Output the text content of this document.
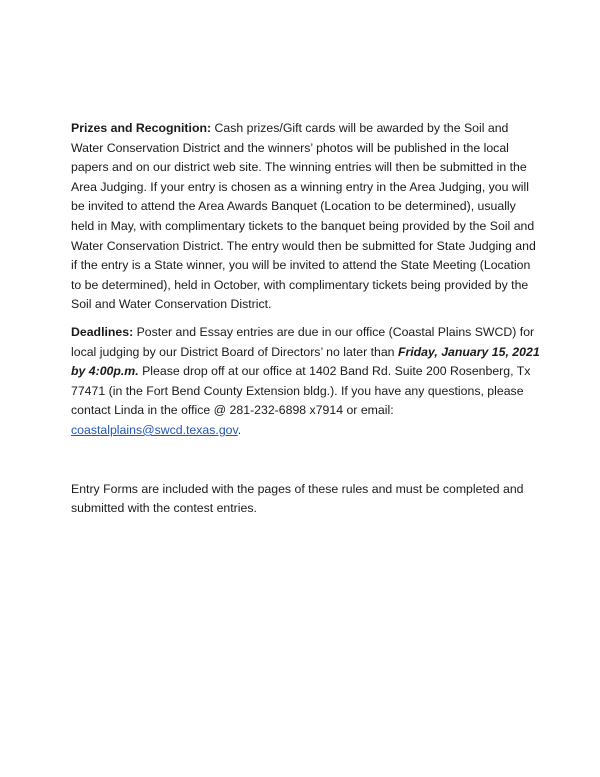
Prizes and Recognition: Cash prizes/Gift cards will be awarded by the Soil and Water Conservation District and the winners’ photos will be published in the local papers and on our district web site. The winning entries will then be submitted in the Area Judging. If your entry is chosen as a winning entry in the Area Judging, you will be invited to attend the Area Awards Banquet (Location to be determined), usually held in May, with complimentary tickets to the banquet being provided by the Soil and Water Conservation District. The entry would then be submitted for State Judging and if the entry is a State winner, you will be invited to attend the State Meeting (Location to be determined), held in October, with complimentary tickets being provided by the Soil and Water Conservation District.

Deadlines: Poster and Essay entries are due in our office (Coastal Plains SWCD) for local judging by our District Board of Directors’ no later than Friday, January 15, 2021 by 4:00p.m. Please drop off at our office at 1402 Band Rd. Suite 200 Rosenberg, Tx 77471 (in the Fort Bend County Extension bldg.). If you have any questions, please contact Linda in the office @ 281-232-6898 x7914 or email: coastalplains@swcd.texas.gov.

Entry Forms are included with the pages of these rules and must be completed and submitted with the contest entries.
